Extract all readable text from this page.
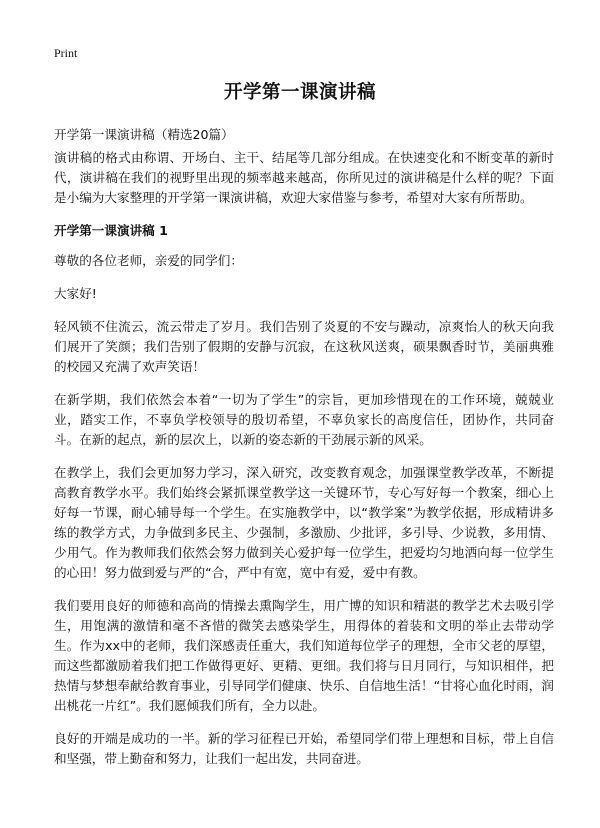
Print
开学第一课演讲稿
开学第一课演讲稿（精选20篇）

演讲稿的格式由称谓、开场白、主干、结尾等几部分组成。在快速变化和不断变革的新时代，演讲稿在我们的视野里出现的频率越来越高，你所见过的演讲稿是什么样的呢？下面是小编为大家整理的开学第一课演讲稿，欢迎大家借鉴与参考，希望对大家有所帮助。

开学第一课演讲稿 1

尊敬的各位老师，亲爱的同学们：

大家好!

轻风锁不住流云，流云带走了岁月。我们告别了炎夏的不安与躁动，凉爽怡人的秋天向我们展开了笑颜；我们告别了假期的安静与沉寂，在这秋风送爽，硕果飘香时节，美丽典雅的校园又充满了欢声笑语！

在新学期，我们依然会本着“一切为了学生”的宗旨，更加珍惜现在的工作环境，兢兢业业，踏实工作，不辜负学校领导的殷切希望，不辜负家长的高度信任，团协作，共同奋斗。在新的起点，新的层次上，以新的姿态新的干劲展示新的风采。

在教学上，我们会更加努力学习，深入研究，改变教育观念，加强课堂教学改革，不断提高教育教学水平。我们始终会紧抓课堂教学这一关键环节，专心写好每一个教案，细心上好每一节课，耐心辅导每一个学生。在实施教学中，以“教学案”为教学依据，形成精讲多练的教学方式，力争做到多民主、少强制，多激励、少批评，多引导、少说教，多用情、少用气。作为教师我们依然会努力做到关心爱护每一位学生，把爱均匀地洒向每一位学生的心田！努力做到爱与严的“合，严中有宽，宽中有爱，爱中有教。

我们要用良好的师德和高尚的情操去熏陶学生，用广博的知识和精湛的教学艺术去吸引学生，用饱满的激情和毫不吝惜的微笑去感染学生，用得体的着装和文明的举止去带动学生。作为xx中的老师，我们深感责任重大，我们知道每位学子的理想，全市父老的厚望，而这些都激励着我们把工作做得更好、更精、更细。我们将与日月同行，与知识相伴，把热情与梦想奉献给教育事业，引导同学们健康、快乐、自信地生活！“甘将心血化时雨，润出桃花一片红”。我们愿倾我们所有，全力以赴。

良好的开端是成功的一半。新的学习征程已开始，希望同学们带上理想和目标，带上自信和坚强，带上勤奋和努力，让我们一起出发，共同奋进。
